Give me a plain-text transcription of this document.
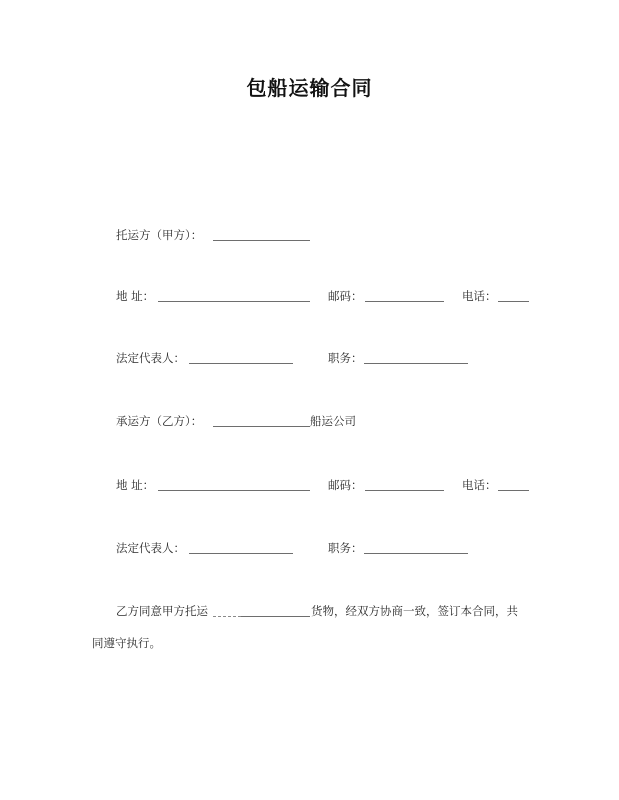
包船运输合同
托运方（甲方）：
地 址：	邮码：	电话：
法定代表人：	职务：
承运方（乙方）：	船运公司
地 址：	邮码：	电话：
法定代表人：	职务：
乙方同意甲方托运	货物，经双方协商一致，签订本合同，共
同遵守执行。
